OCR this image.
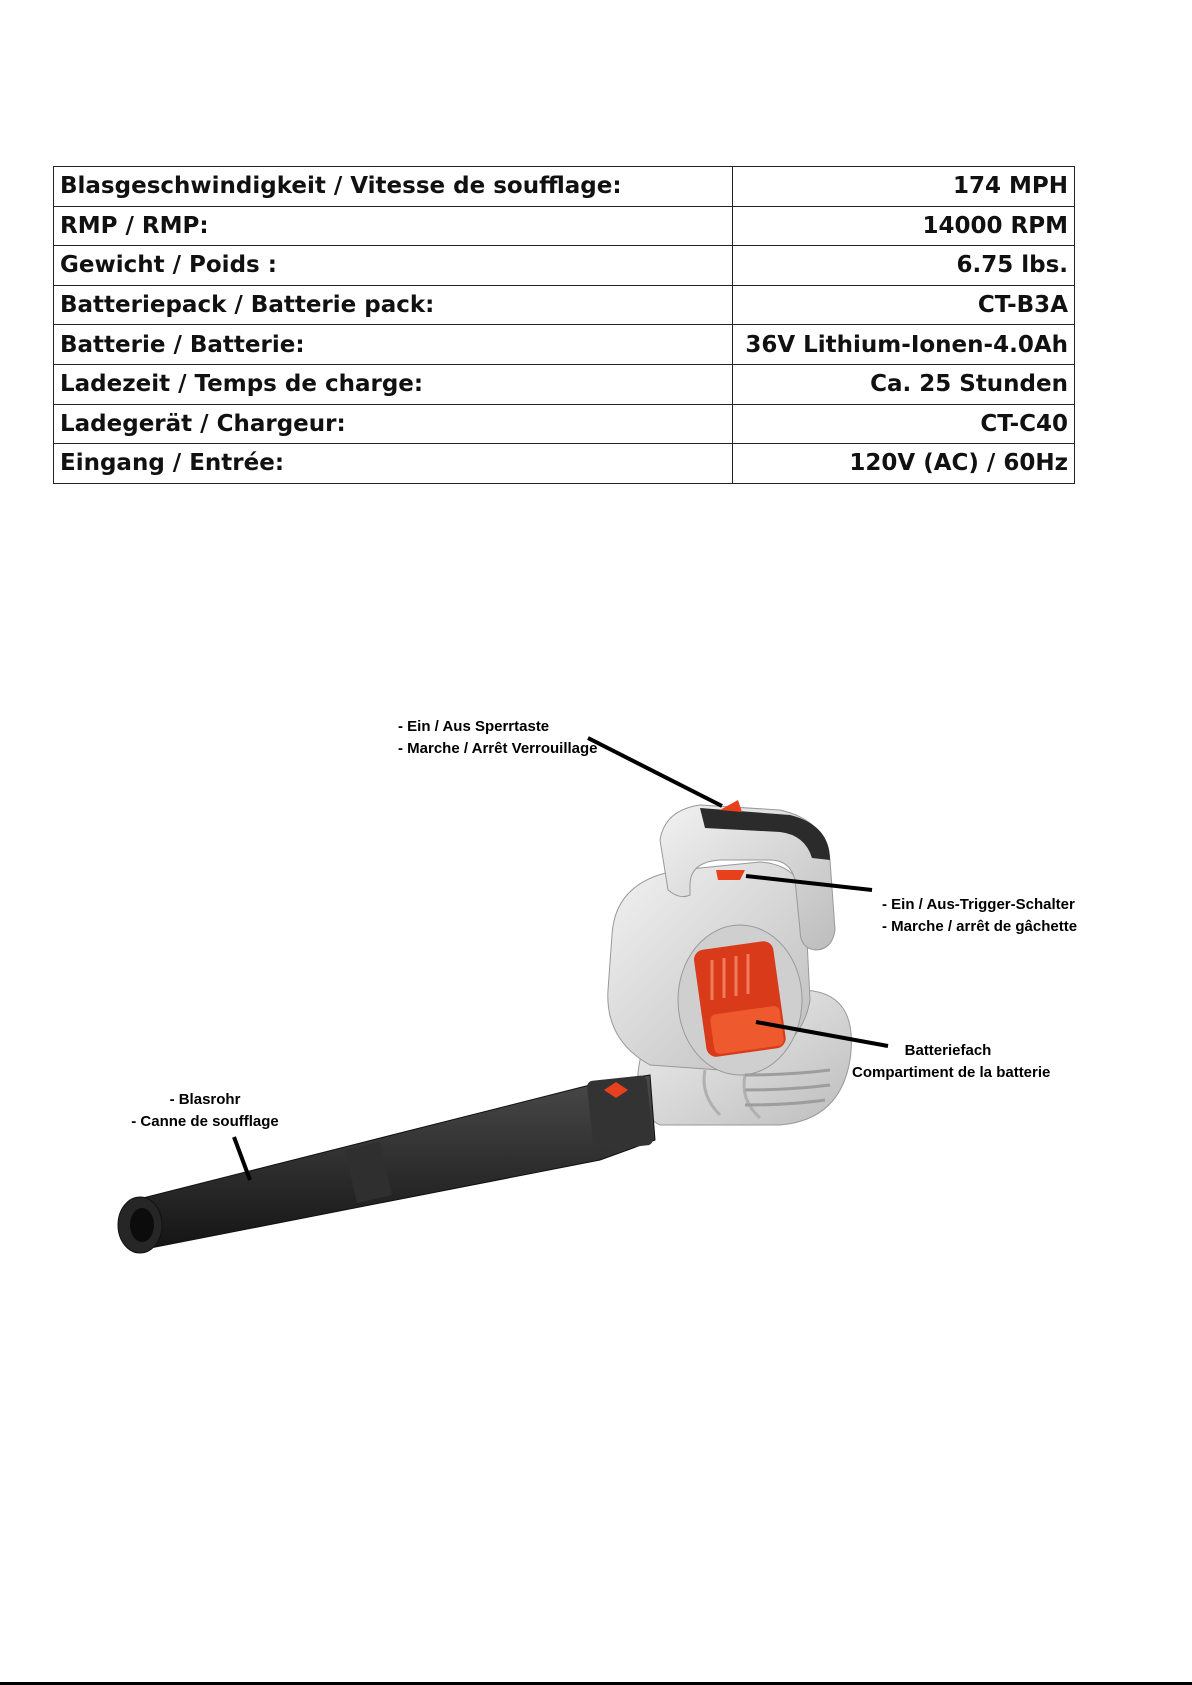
Blasgeschwindigkeit / Vitesse de soufflage:	174 MPH
RMP / RMP:	14000 RPM
Gewicht / Poids :	6.75 lbs.
Batteriepack / Batterie pack:	CT-B3A
Batterie / Batterie:	36V Lithium-Ionen-4.0Ah
Ladezeit / Temps de charge:	Ca. 25 Stunden
Ladegerät / Chargeur:	CT-C40
Eingang / Entrée:	120V (AC) / 60Hz
- Ein / Aus Sperrtaste
- Marche / Arrêt Verrouillage
- Ein / Aus-Trigger-Schalter
- Marche / arrêt de gâchette
Batteriefach
Compartiment de la batterie
- Blasrohr
- Canne de soufflage
